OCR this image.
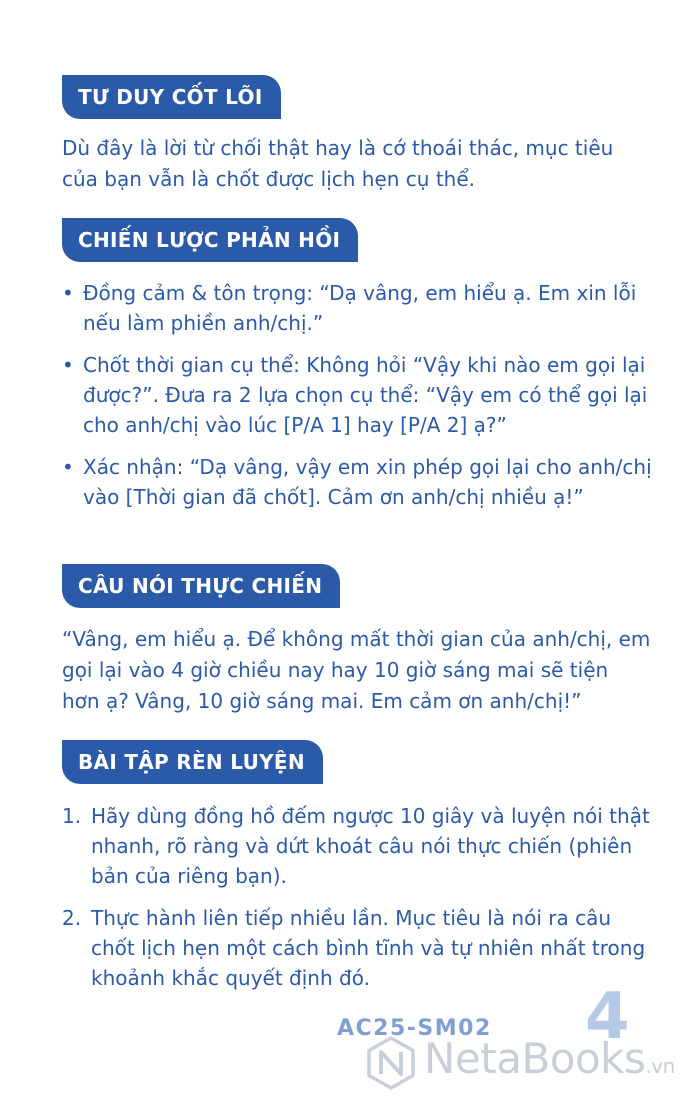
TƯ DUY CỐT LÕI
Dù đây là lời từ chối thật hay là cớ thoái thác, mục tiêu của bạn vẫn là chốt được lịch hẹn cụ thể.
CHIẾN LƯỢC PHẢN HỒI
• Đồng cảm & tôn trọng: “Dạ vâng, em hiểu ạ. Em xin lỗi nếu làm phiền anh/chị.”
• Chốt thời gian cụ thể: Không hỏi “Vậy khi nào em gọi lại được?”. Đưa ra 2 lựa chọn cụ thể: “Vậy em có thể gọi lại cho anh/chị vào lúc [P/A 1] hay [P/A 2] ạ?”
• Xác nhận: “Dạ vâng, vậy em xin phép gọi lại cho anh/chị vào [Thời gian đã chốt]. Cảm ơn anh/chị nhiều ạ!”
CÂU NÓI THỰC CHIẾN
“Vâng, em hiểu ạ. Để không mất thời gian của anh/chị, em gọi lại vào 4 giờ chiều nay hay 10 giờ sáng mai sẽ tiện hơn ạ? Vâng, 10 giờ sáng mai. Em cảm ơn anh/chị!”
BÀI TẬP RÈN LUYỆN
1. Hãy dùng đồng hồ đếm ngược 10 giây và luyện nói thật nhanh, rõ ràng và dứt khoát câu nói thực chiến (phiên bản của riêng bạn).
2. Thực hành liên tiếp nhiều lần. Mục tiêu là nói ra câu chốt lịch hẹn một cách bình tĩnh và tự nhiên nhất trong khoảnh khắc quyết định đó.
AC25-SM02 4
NetaBooks.vn
